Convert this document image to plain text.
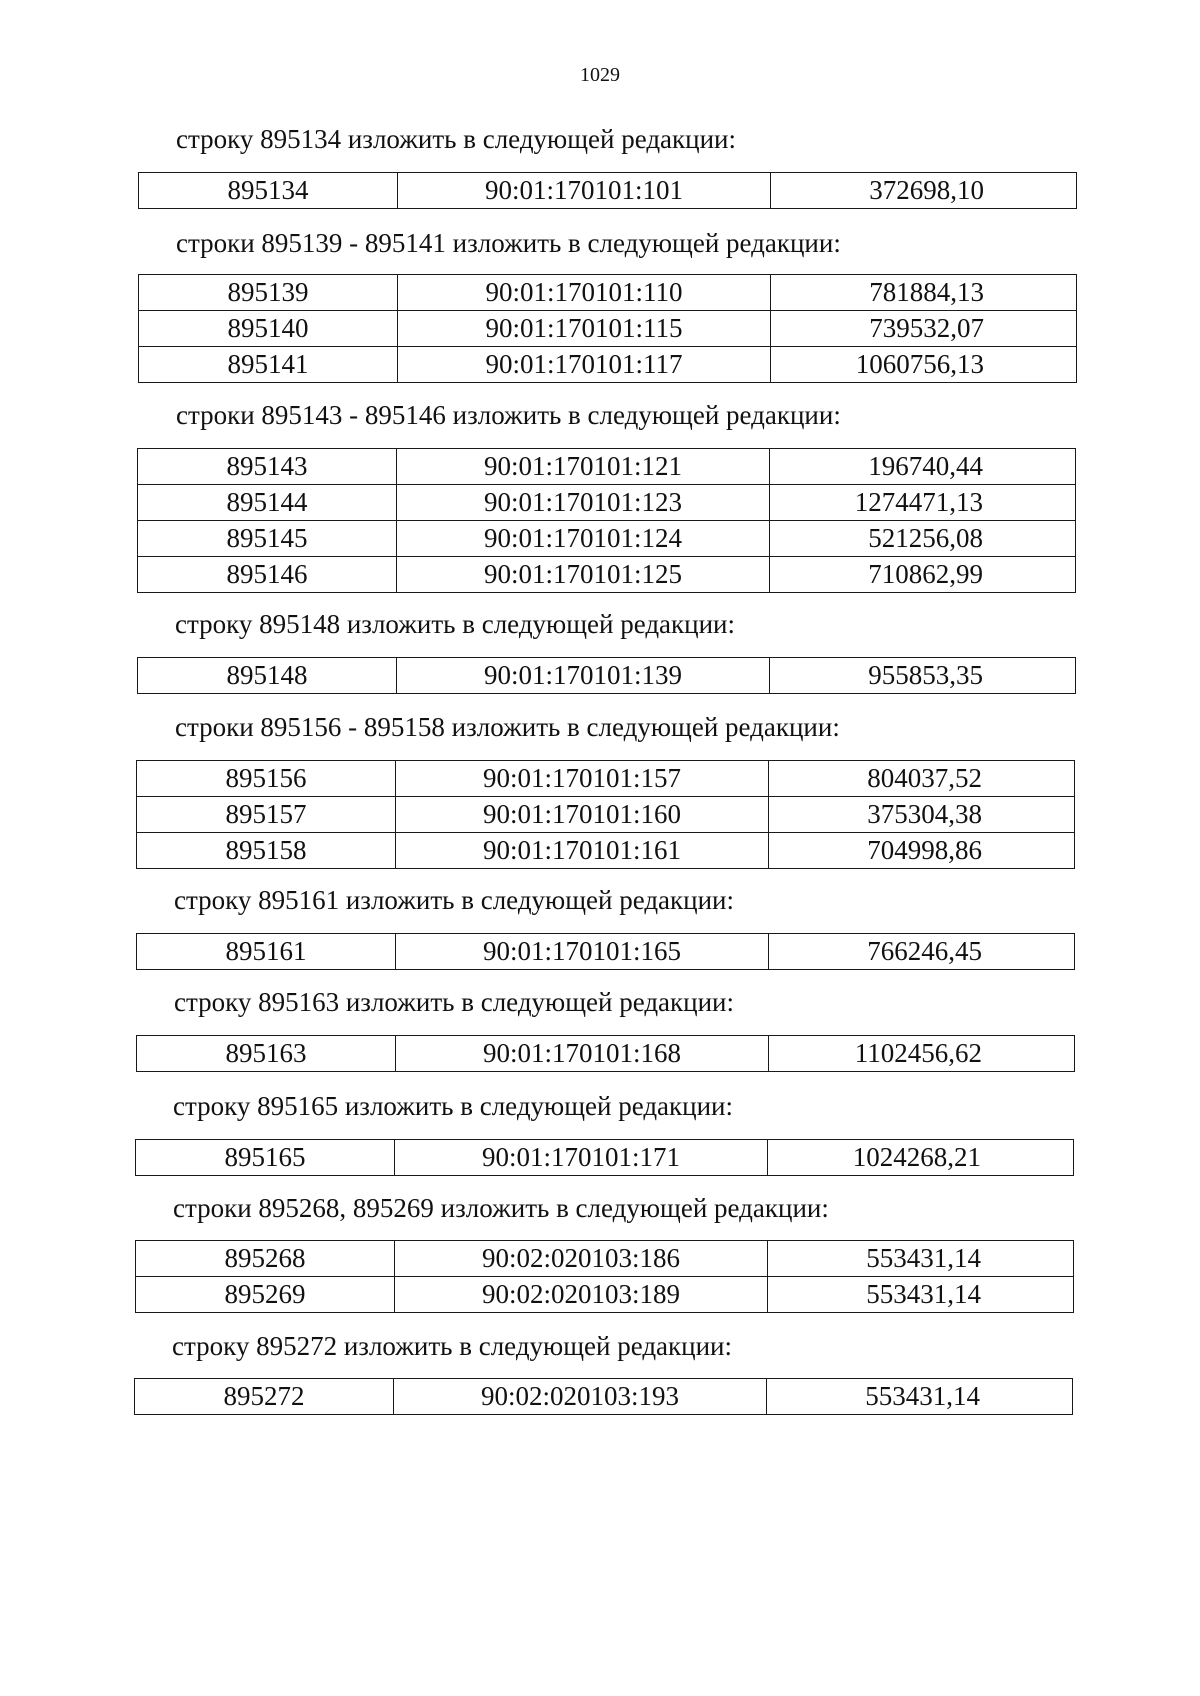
1029
строку 895134 изложить в следующей редакции:
895134	90:01:170101:101	372698,10
строки 895139 - 895141 изложить в следующей редакции:
895139	90:01:170101:110	781884,13
895140	90:01:170101:115	739532,07
895141	90:01:170101:117	1060756,13
строки 895143 - 895146 изложить в следующей редакции:
895143	90:01:170101:121	196740,44
895144	90:01:170101:123	1274471,13
895145	90:01:170101:124	521256,08
895146	90:01:170101:125	710862,99
строку 895148 изложить в следующей редакции:
895148	90:01:170101:139	955853,35
строки 895156 - 895158 изложить в следующей редакции:
895156	90:01:170101:157	804037,52
895157	90:01:170101:160	375304,38
895158	90:01:170101:161	704998,86
строку 895161 изложить в следующей редакции:
895161	90:01:170101:165	766246,45
строку 895163 изложить в следующей редакции:
895163	90:01:170101:168	1102456,62
строку 895165 изложить в следующей редакции:
895165	90:01:170101:171	1024268,21
строки 895268, 895269 изложить в следующей редакции:
895268	90:02:020103:186	553431,14
895269	90:02:020103:189	553431,14
строку 895272 изложить в следующей редакции:
895272	90:02:020103:193	553431,14
